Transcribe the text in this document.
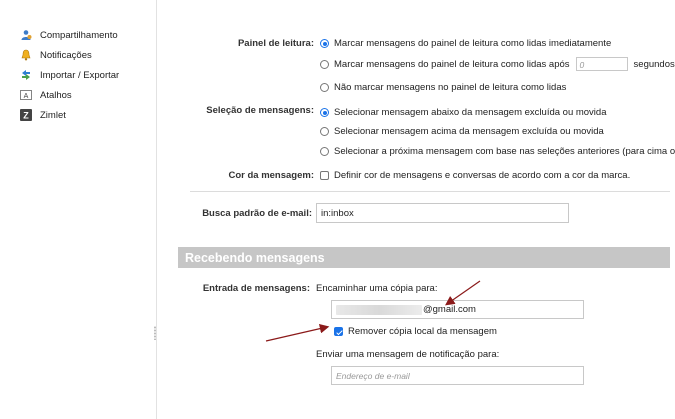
Compartilhamento
Notificações
Importar / Exportar
A Atalhos
Z Zimlet
Painel de leitura: Marcar mensagens do painel de leitura como lidas imediatamente
Marcar mensagens do painel de leitura como lidas após	0	segundos
Não marcar mensagens no painel de leitura como lidas
Seleção de mensagens: Selecionar mensagem abaixo da mensagem excluída ou movida
Selecionar mensagem acima da mensagem excluída ou movida
Selecionar a próxima mensagem com base nas seleções anteriores (para cima o
Cor da mensagem: Definir cor de mensagens e conversas de acordo com a cor da marca.
Busca padrão de e-mail: in:inbox
Recebendo mensagens
Entrada de mensagens: Encaminhar uma cópia para:
@gmail.com
Remover cópia local da mensagem
Enviar uma mensagem de notificação para:
Endereço de e-mail
